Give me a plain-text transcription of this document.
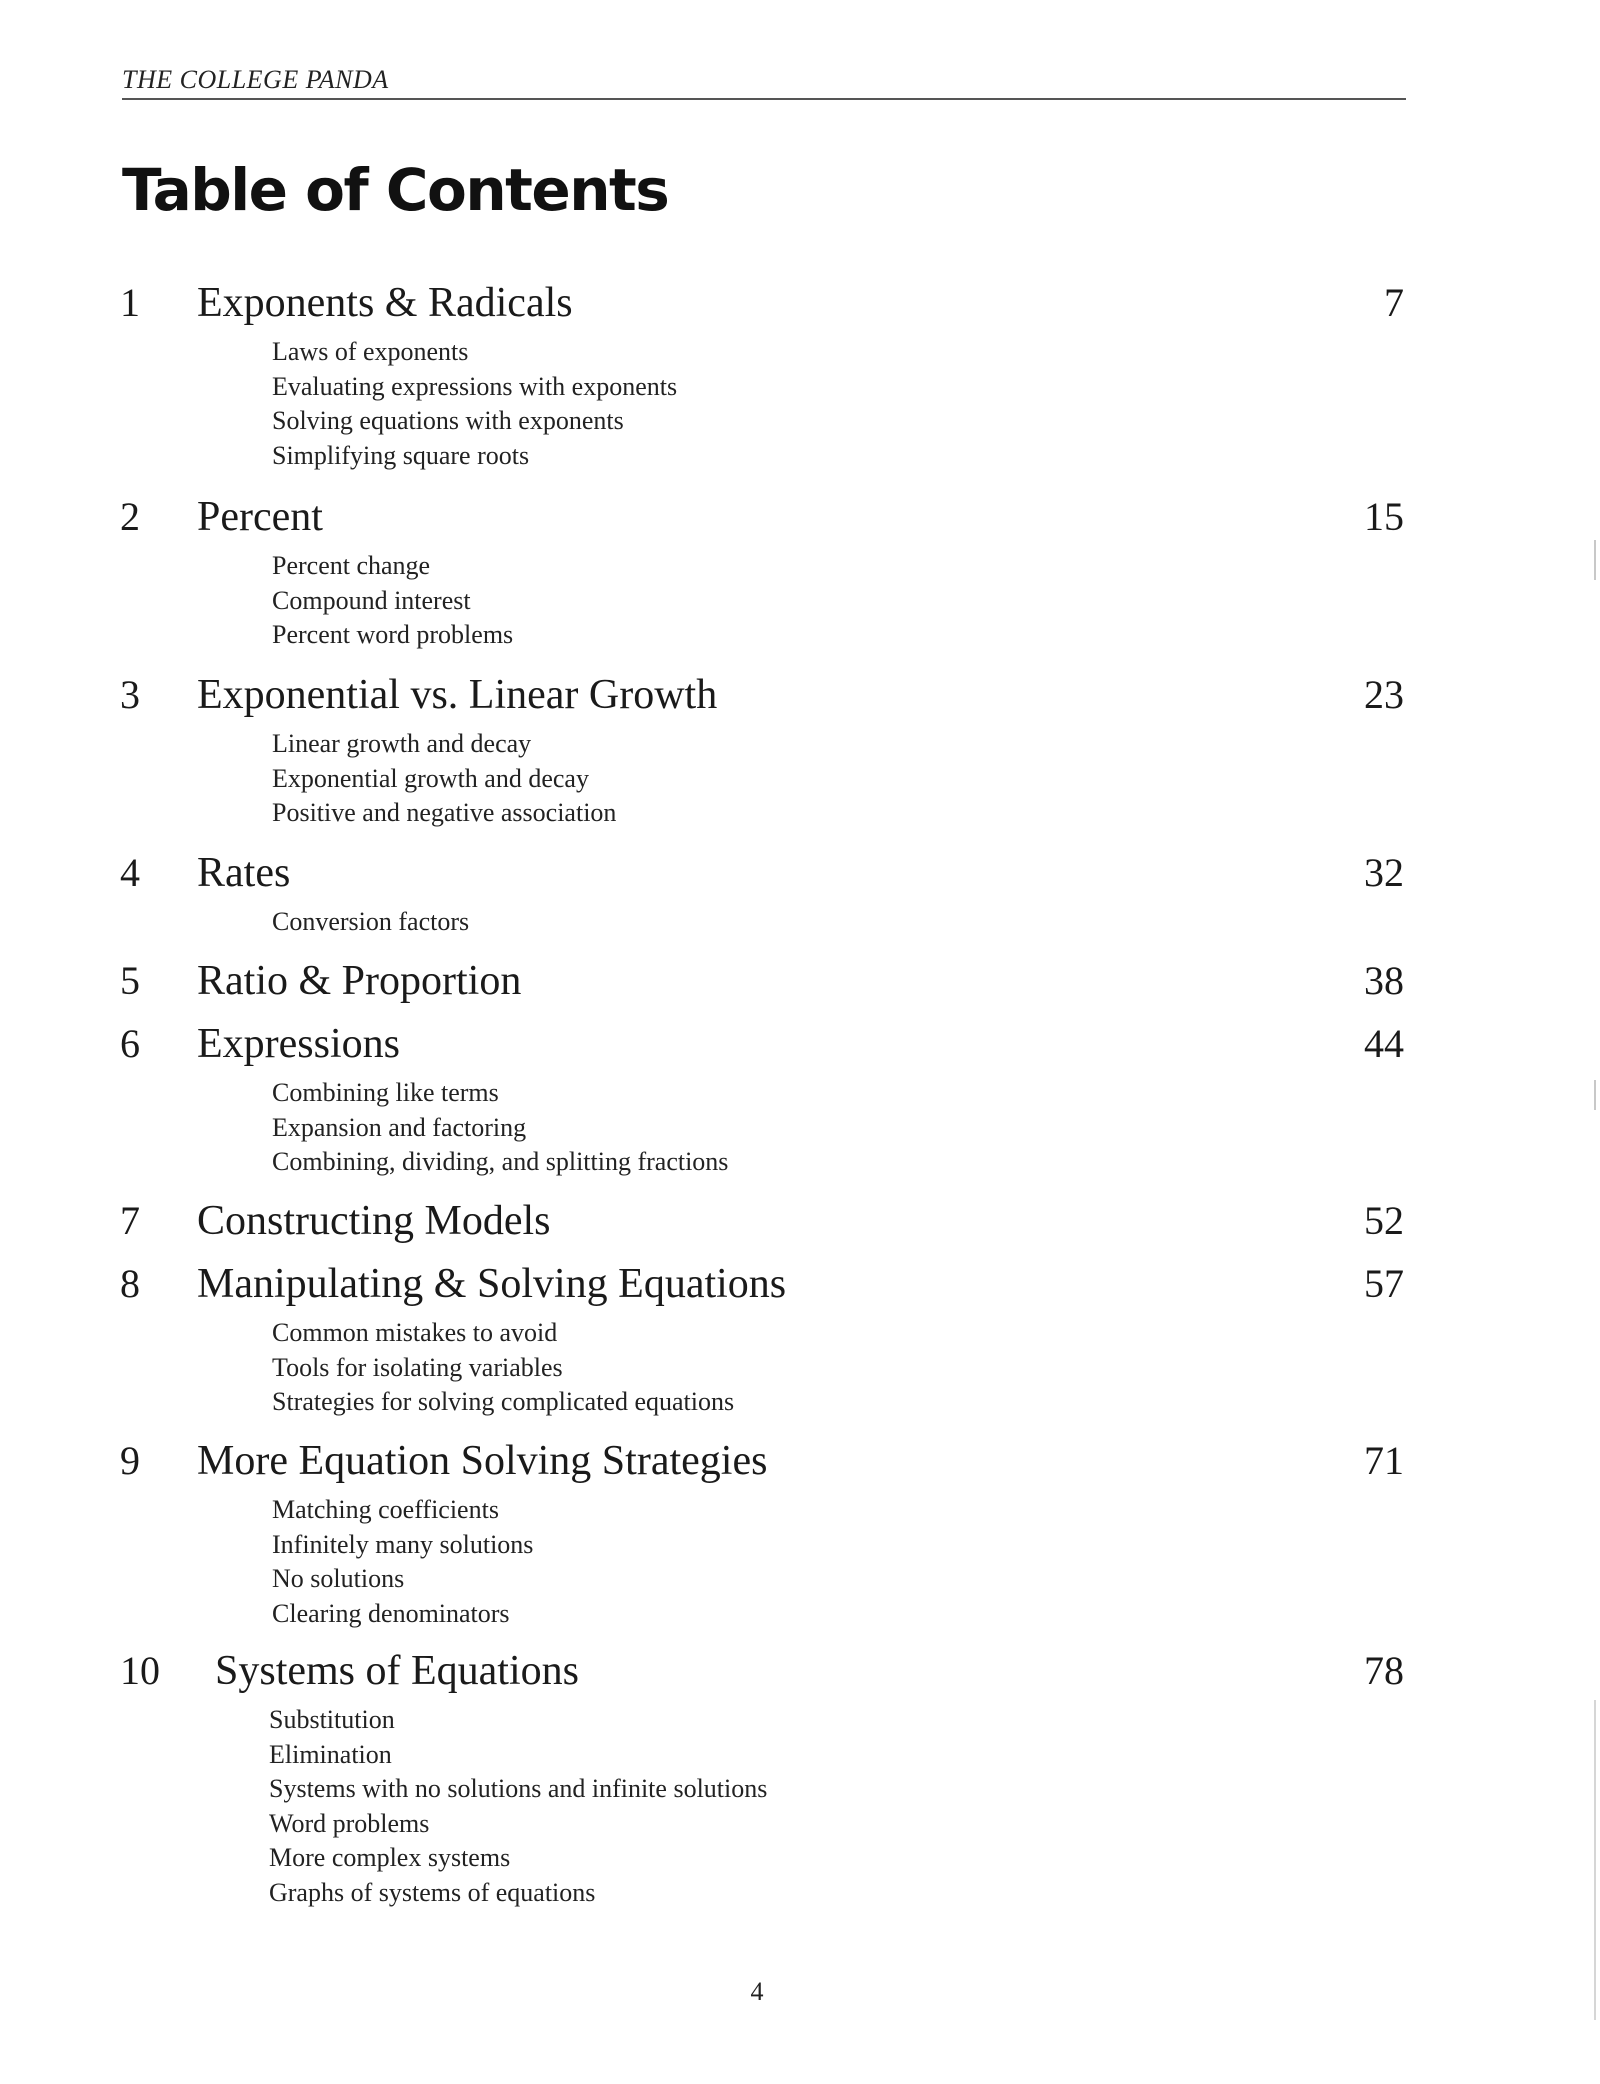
THE COLLEGE PANDA
Table of Contents
1 Exponents & Radicals	7
Laws of exponents
Evaluating expressions with exponents
Solving equations with exponents
Simplifying square roots
2 Percent	15
Percent change
Compound interest
Percent word problems
3 Exponential vs. Linear Growth	23
Linear growth and decay
Exponential growth and decay
Positive and negative association
4 Rates	32
Conversion factors
5 Ratio & Proportion	38
6 Expressions	44
Combining like terms
Expansion and factoring
Combining, dividing, and splitting fractions
7 Constructing Models	52
8 Manipulating & Solving Equations	57
Common mistakes to avoid
Tools for isolating variables
Strategies for solving complicated equations
9 More Equation Solving Strategies	71
Matching coefficients
Infinitely many solutions
No solutions
Clearing denominators
10 Systems of Equations	78
Substitution
Elimination
Systems with no solutions and infinite solutions
Word problems
More complex systems
Graphs of systems of equations
4
